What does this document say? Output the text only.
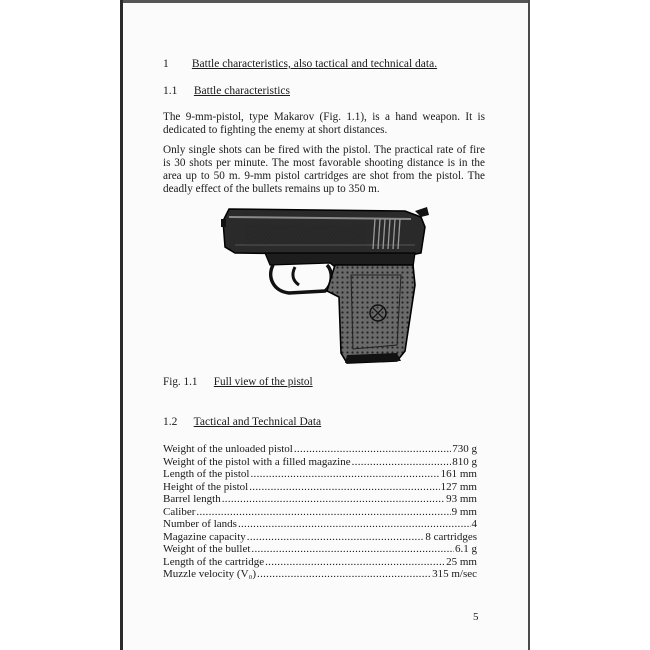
1 Battle characteristics, also tactical and technical data.
1.1 Battle characteristics
The 9-mm-pistol, type Makarov (Fig. 1.1), is a hand weapon. It is dedicated to fighting the enemy at short distances.
Only single shots can be fired with the pistol. The practical rate of fire is 30 shots per minute. The most favorable shooting distance is in the area up to 50 m. 9-mm pistol cartridges are shot from the pistol. The deadly effect of the bullets remains up to 350 m.
Fig. 1.1 Full view of the pistol
1.2 Tactical and Technical Data
Weight of the unloaded pistol .....	730 g
Weight of the pistol with a filled magazine .....	810 g
Length of the pistol .....	161 mm
Height of the pistol .....	127 mm
Barrel length .....	93 mm
Caliber .....	9 mm
Number of lands .....	4
Magazine capacity .....	8 cartridges
Weight of the bullet .....	6.1 g
Length of the cartridge .....	25 mm
Muzzle velocity (V₀) .....	315 m/sec
5
